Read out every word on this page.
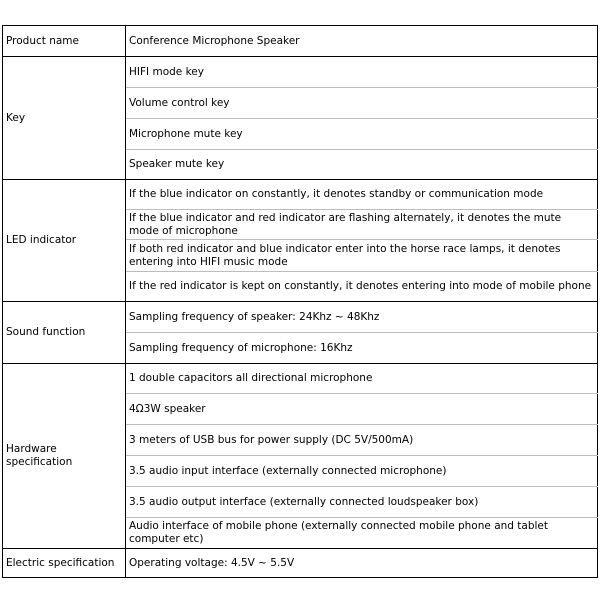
Product name	Conference Microphone Speaker
Key	HIFI mode key
	Volume control key
	Microphone mute key
	Speaker mute key
LED indicator	If the blue indicator on constantly, it denotes standby or communication mode
	If the blue indicator and red indicator are flashing alternately, it denotes the mute mode of microphone
	If both red indicator and blue indicator enter into the horse race lamps, it denotes entering into HIFI music mode
	If the red indicator is kept on constantly, it denotes entering into mode of mobile phone
Sound function	Sampling frequency of speaker: 24Khz ~ 48Khz
	Sampling frequency of microphone: 16Khz
Hardware specification	1 double capacitors all directional microphone
	4Ω3W speaker
	3 meters of USB bus for power supply (DC 5V/500mA)
	3.5 audio input interface (externally connected microphone)
	3.5 audio output interface (externally connected loudspeaker box)
	Audio interface of mobile phone (externally connected mobile phone and tablet computer etc)
Electric specification	Operating voltage: 4.5V ~ 5.5V
